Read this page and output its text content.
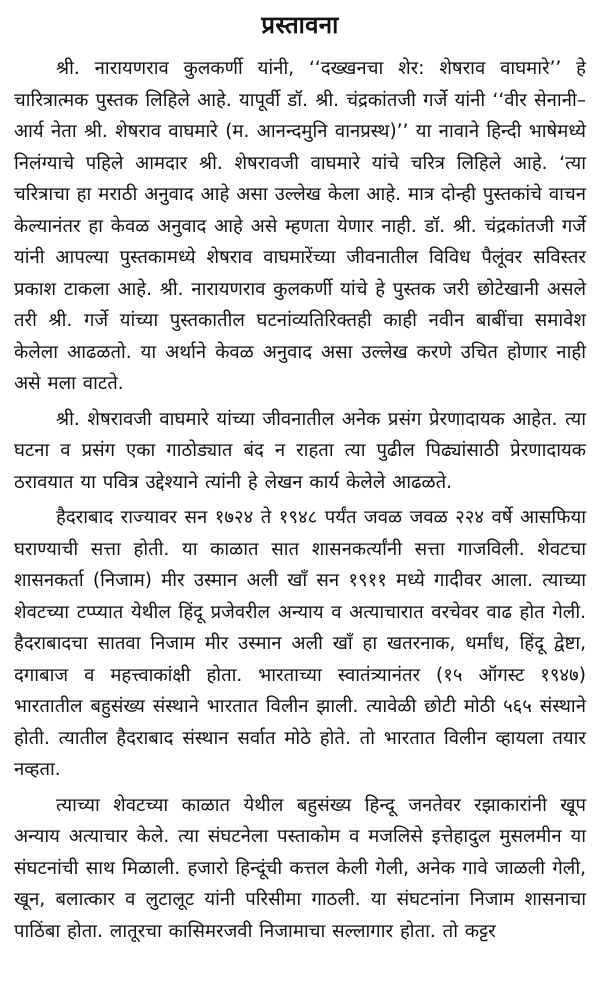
प्रस्तावना

श्री. नारायणराव कुलकर्णी यांनी, ‘‘दख्खनचा शेर: शेषराव वाघमारे’’ हे चारित्रात्मक पुस्तक लिहिले आहे. यापूर्वी डॉ. श्री. चंद्रकांतजी गर्जे यांनी ‘‘वीर सेनानी–आर्य नेता श्री. शेषराव वाघमारे (म. आनन्दमुनि वानप्रस्थ)’’ या नावाने हिन्दी भाषेमध्ये निलंग्याचे पहिले आमदार श्री. शेषरावजी वाघमारे यांचे चरित्र लिहिले आहे. ‘त्या चरित्राचा हा मराठी अनुवाद आहे असा उल्लेख केला आहे. मात्र दोन्ही पुस्तकांचे वाचन केल्यानंतर हा केवळ अनुवाद आहे असे म्हणता येणार नाही. डॉ. श्री. चंद्रकांतजी गर्जे यांनी आपल्या पुस्तकामध्ये शेषराव वाघमारेंच्या जीवनातील विविध पैलूंवर सविस्तर प्रकाश टाकला आहे. श्री. नारायणराव कुलकर्णी यांचे हे पुस्तक जरी छोटेखानी असले तरी श्री. गर्जे यांच्या पुस्तकातील घटनांव्यतिरिक्तही काही नवीन बाबींचा समावेश केलेला आढळतो. या अर्थाने केवळ अनुवाद असा उल्लेख करणे उचित होणार नाही असे मला वाटते.

श्री. शेषरावजी वाघमारे यांच्या जीवनातील अनेक प्रसंग प्रेरणादायक आहेत. त्या घटना व प्रसंग एका गाठोड्यात बंद न राहता त्या पुढील पिढ्यांसाठी प्रेरणादायक ठरावयात या पवित्र उद्देश्याने त्यांनी हे लेखन कार्य केलेले आढळते.

हैदराबाद राज्यावर सन १७२४ ते १९४८ पर्यंत जवळ जवळ २२४ वर्षे आसफिया घराण्याची सत्ता होती. या काळात सात शासनकर्त्यांनी सत्ता गाजविली. शेवटचा शासनकर्ता (निजाम) मीर उस्मान अली खाँ सन १९११ मध्ये गादीवर आला. त्याच्या शेवटच्या टप्प्यात येथील हिंदू प्रजेवरील अन्याय व अत्याचारात वरचेवर वाढ होत गेली. हैदराबादचा सातवा निजाम मीर उस्मान अली खाँ हा खतरनाक, धर्मांध, हिंदू द्वेष्टा, दगाबाज व महत्त्वाकांक्षी होता. भारताच्या स्वातंत्र्यानंतर (१५ ऑगस्ट १९४७) भारतातील बहुसंख्य संस्थाने भारतात विलीन झाली. त्यावेळी छोटी मोठी ५६५ संस्थाने होती. त्यातील हैदराबाद संस्थान सर्वात मोठे होते. तो भारतात विलीन व्हायला तयार नव्हता.

त्याच्या शेवटच्या काळात येथील बहुसंख्य हिन्दू जनतेवर रझाकारांनी खूप अन्याय अत्याचार केले. त्या संघटनेला पस्ताकोम व मजलिसे इत्तेहादुल मुसलमीन या संघटनांची साथ मिळाली. हजारो हिन्दूंची कत्तल केली गेली, अनेक गावे जाळली गेली, खून, बलात्कार व लुटालूट यांनी परिसीमा गाठली. या संघटनांना निजाम शासनाचा पाठिंबा होता. लातूरचा कासिमरजवी निजामाचा सल्लागार होता. तो कट्टर
